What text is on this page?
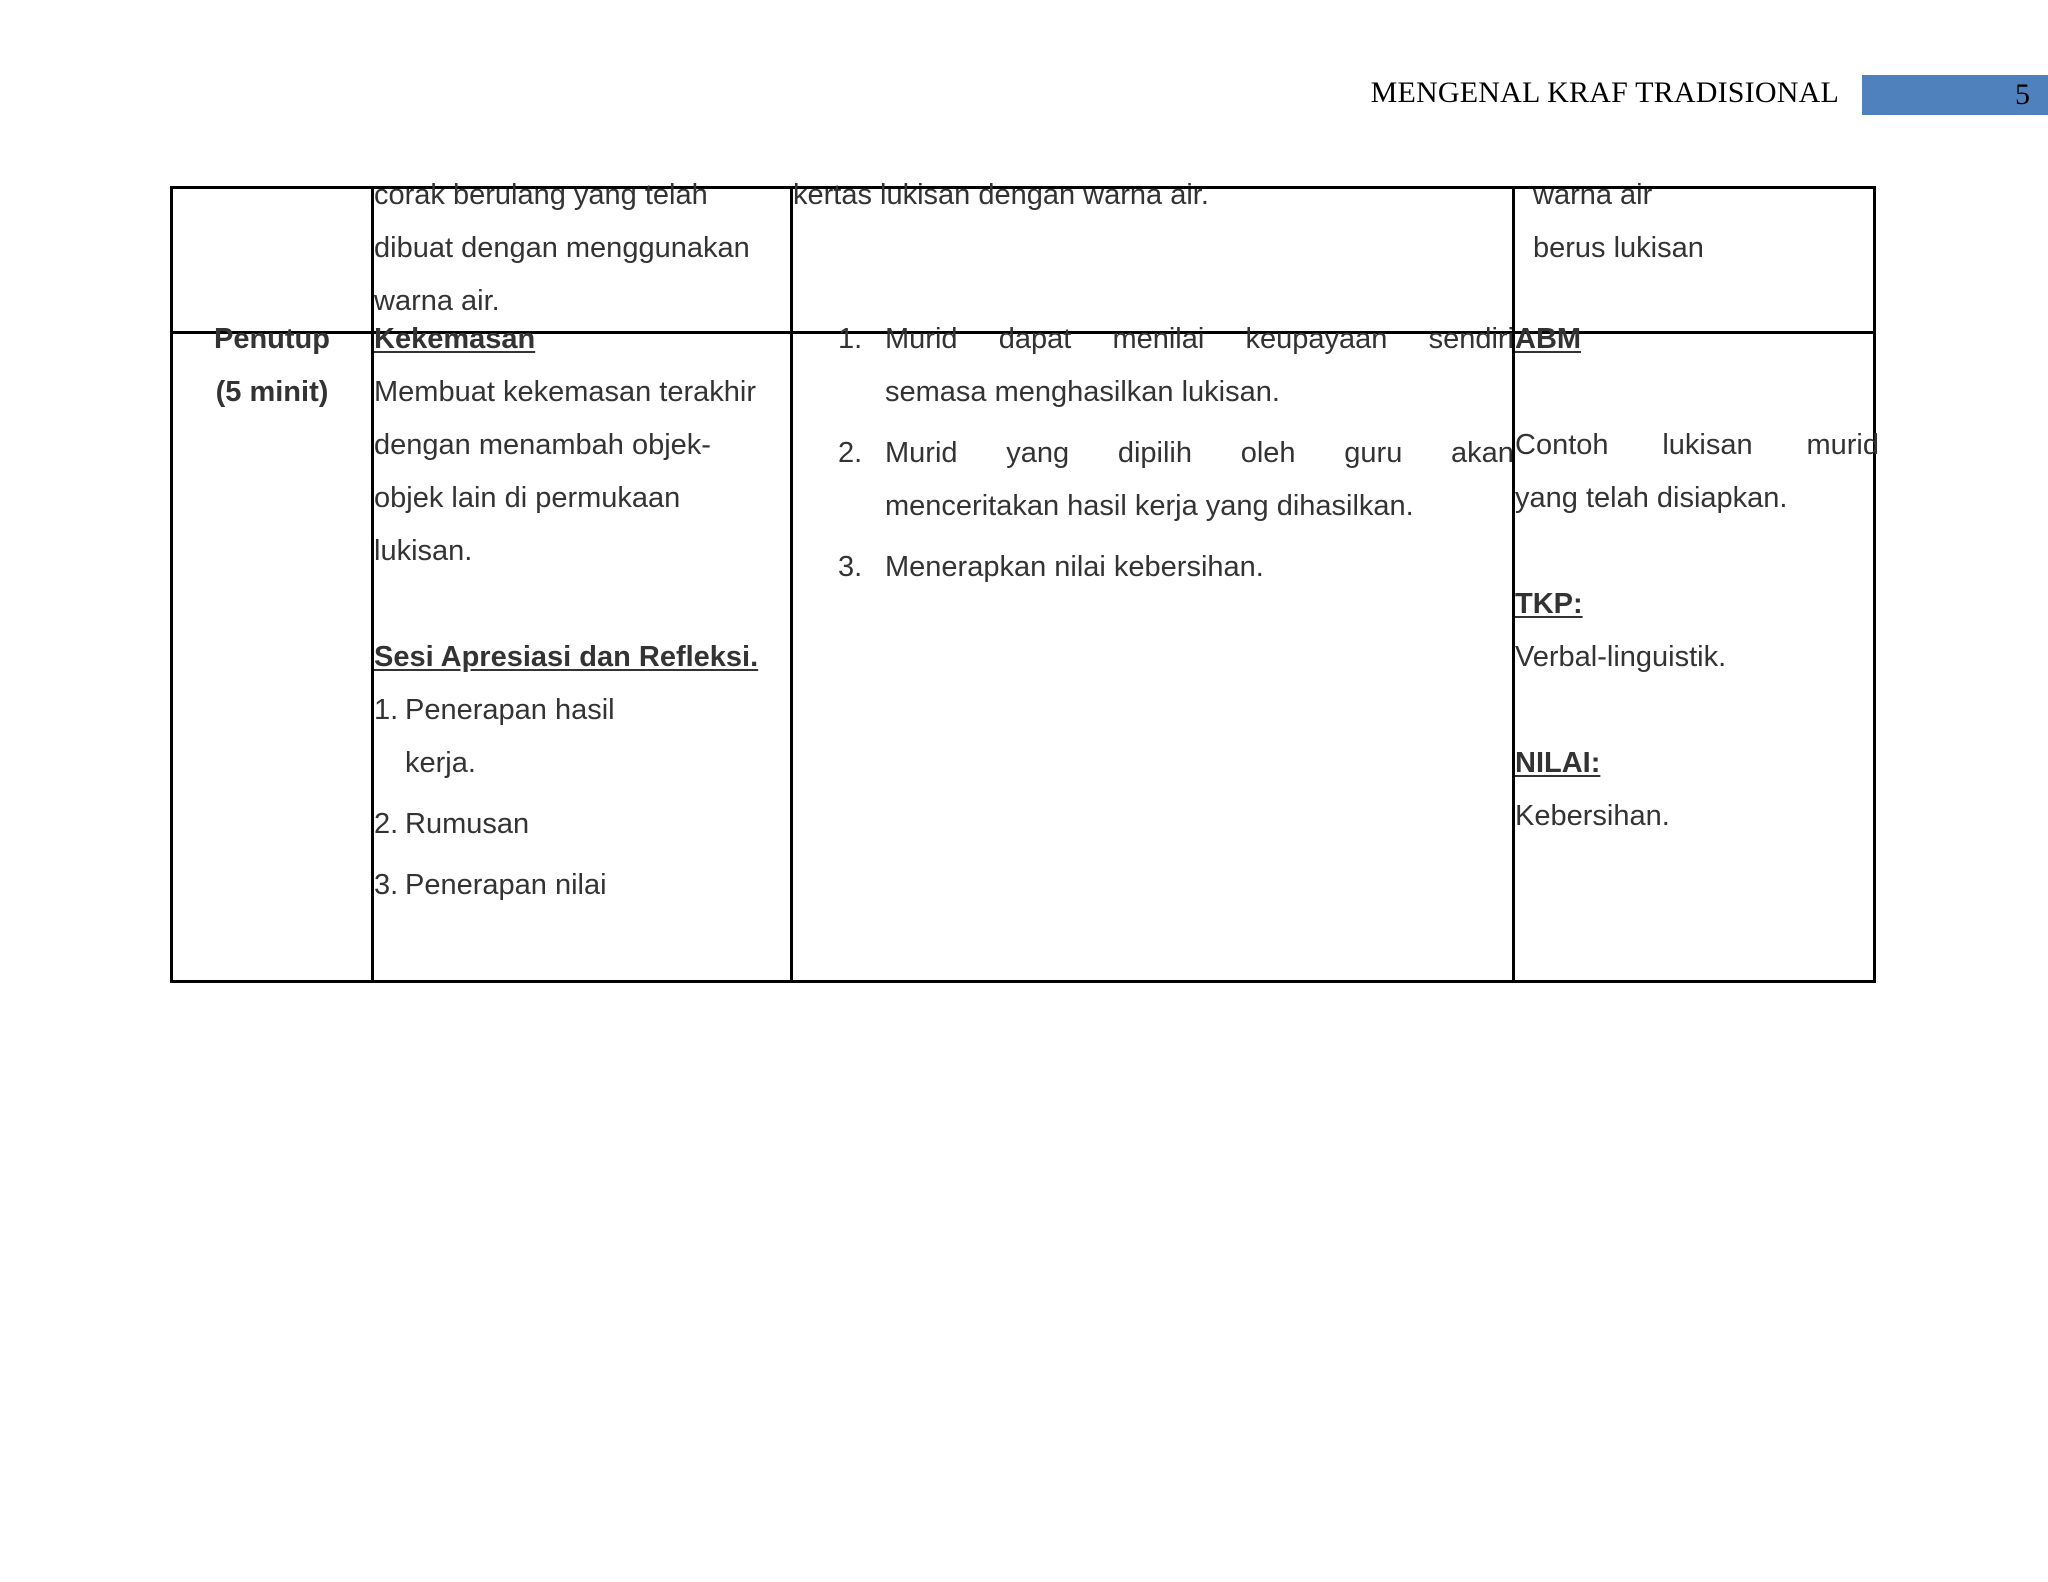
MENGENAL KRAF TRADISIONAL	5
corak berulang yang telah
dibuat dengan menggunakan
warna air.
kertas lukisan dengan warna air.	warna air
berus lukisan
Penutup
(5 minit)
Kekemasan
Membuat kekemasan terakhir
dengan menambah objek-
objek lain di permukaan
lukisan.
Sesi Apresiasi dan Refleksi.
1. Penerapan hasil
kerja.
2. Rumusan
3. Penerapan nilai
1. Murid dapat menilai keupayaan sendiri
semasa menghasilkan lukisan.
2. Murid yang dipilih oleh guru akan
menceritakan hasil kerja yang dihasilkan.
3. Menerapkan nilai kebersihan.
ABM
Contoh lukisan murid
yang telah disiapkan.
TKP:
Verbal-linguistik.
NILAI:
Kebersihan.
